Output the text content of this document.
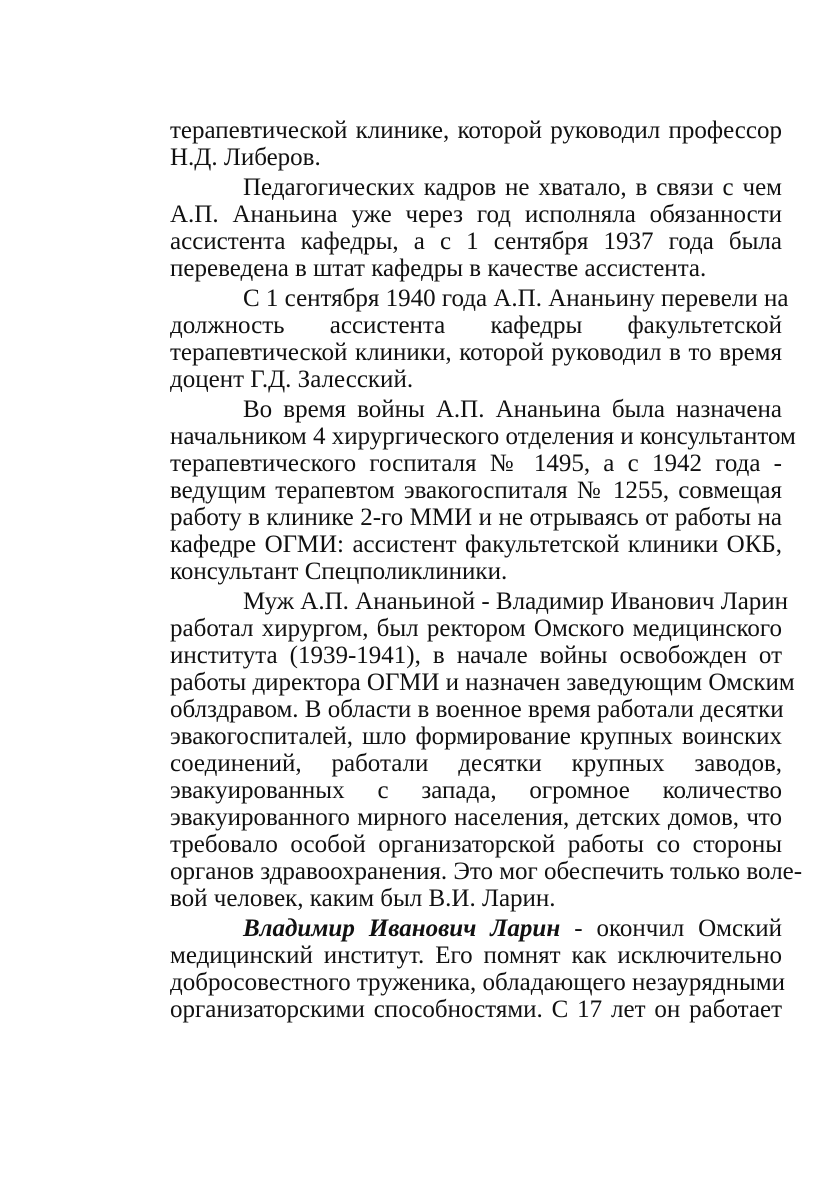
терапевтической клинике, которой руководил профессор
Н.Д. Либеров.
Педагогических кадров не хватало, в связи с чем
А.П. Ананьина уже через год исполняла обязанности
ассистента кафедры, а с 1 сентября 1937 года была
переведена в штат кафедры в качестве ассистента.
С 1 сентября 1940 года А.П. Ананьину перевели на
должность ассистента кафедры факультетской
терапевтической клиники, которой руководил в то время
доцент Г.Д. Залесский.
Во время войны А.П. Ананьина была назначена
начальником 4 хирургического отделения и консультантом
терапевтического госпиталя № 1495, а с 1942 года -
ведущим терапевтом эвакогоспиталя № 1255, совмещая
работу в клинике 2-го ММИ и не отрываясь от работы на
кафедре ОГМИ: ассистент факультетской клиники ОКБ,
консультант Спецполиклиники.
Муж А.П. Ананьиной - Владимир Иванович Ларин
работал хирургом, был ректором Омского медицинского
института (1939-1941), в начале войны освобожден от
работы директора ОГМИ и назначен заведующим Омским
облздравом. В области в военное время работали десятки
эвакогоспиталей, шло формирование крупных воинских
соединений, работали десятки крупных заводов,
эвакуированных с запада, огромное количество
эвакуированного мирного населения, детских домов, что
требовало особой организаторской работы со стороны
органов здравоохранения. Это мог обеспечить только воле-
вой человек, каким был В.И. Ларин.
Владимир Иванович Ларин - окончил Омский
медицинский институт. Его помнят как исключительно
добросовестного труженика, обладающего незаурядными
организаторскими способностями. С 17 лет он работает
